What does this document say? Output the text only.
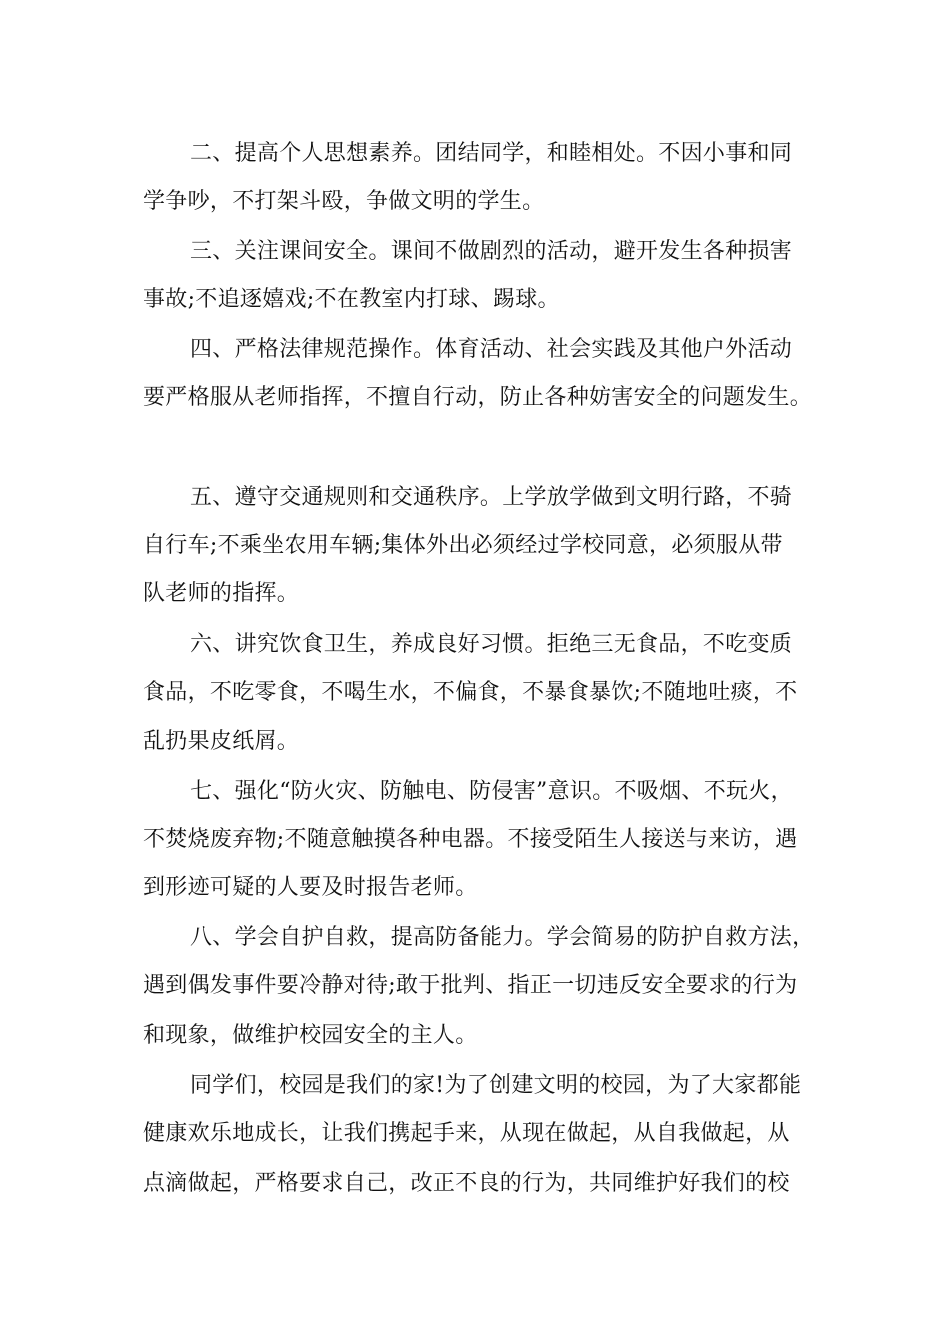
二、提高个人思想素养。团结同学，和睦相处。不因小事和同
学争吵，不打架斗殴，争做文明的学生。
三、关注课间安全。课间不做剧烈的活动，避开发生各种损害
事故;不追逐嬉戏;不在教室内打球、踢球。
四、严格法律规范操作。体育活动、社会实践及其他户外活动
要严格服从老师指挥，不擅自行动，防止各种妨害安全的问题发生。
五、遵守交通规则和交通秩序。上学放学做到文明行路，不骑
自行车;不乘坐农用车辆;集体外出必须经过学校同意，必须服从带
队老师的指挥。
六、讲究饮食卫生，养成良好习惯。拒绝三无食品，不吃变质
食品，不吃零食，不喝生水，不偏食，不暴食暴饮;不随地吐痰，不
乱扔果皮纸屑。
七、强化“防火灾、防触电、防侵害”意识。不吸烟、不玩火，
不焚烧废弃物;不随意触摸各种电器。不接受陌生人接送与来访，遇
到形迹可疑的人要及时报告老师。
八、学会自护自救，提高防备能力。学会简易的防护自救方法，
遇到偶发事件要冷静对待;敢于批判、指正一切违反安全要求的行为
和现象，做维护校园安全的主人。
同学们，校园是我们的家!为了创建文明的校园，为了大家都能
健康欢乐地成长，让我们携起手来，从现在做起，从自我做起，从
点滴做起，严格要求自己，改正不良的行为，共同维护好我们的校
